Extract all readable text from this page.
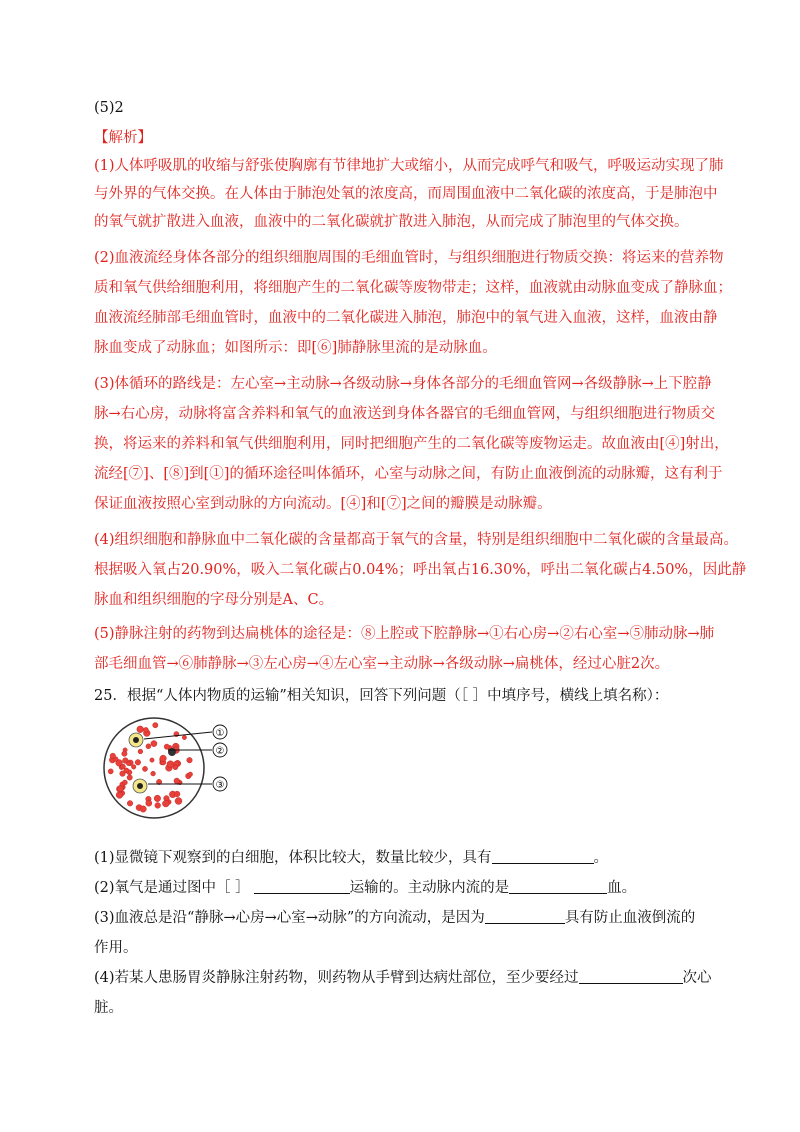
(5)2
【解析】
(1)人体呼吸肌的收缩与舒张使胸廓有节律地扩大或缩小，从而完成呼气和吸气，呼吸运动实现了肺
与外界的气体交换。在人体由于肺泡处氧的浓度高，而周围血液中二氧化碳的浓度高，于是肺泡中
的氧气就扩散进入血液，血液中的二氧化碳就扩散进入肺泡，从而完成了肺泡里的气体交换。
(2)血液流经身体各部分的组织细胞周围的毛细血管时，与组织细胞进行物质交换：将运来的营养物
质和氧气供给细胞利用，将细胞产生的二氧化碳等废物带走；这样，血液就由动脉血变成了静脉血；
血液流经肺部毛细血管时，血液中的二氧化碳进入肺泡，肺泡中的氧气进入血液，这样，血液由静
脉血变成了动脉血；如图所示：即[⑥]肺静脉里流的是动脉血。
(3)体循环的路线是：左心室→主动脉→各级动脉→身体各部分的毛细血管网→各级静脉→上下腔静
脉→右心房，动脉将富含养料和氧气的血液送到身体各器官的毛细血管网，与组织细胞进行物质交
换，将运来的养料和氧气供细胞利用，同时把细胞产生的二氧化碳等废物运走。故血液由[④]射出，
流经[⑦]、[⑧]到[①]的循环途径叫体循环，心室与动脉之间，有防止血液倒流的动脉瓣，这有利于
保证血液按照心室到动脉的方向流动。[④]和[⑦]之间的瓣膜是动脉瓣。
(4)组织细胞和静脉血中二氧化碳的含量都高于氧气的含量，特别是组织细胞中二氧化碳的含量最高。
根据吸入氧占20.90%，吸入二氧化碳占0.04%；呼出氧占16.30%，呼出二氧化碳占4.50%，因此静
脉血和组织细胞的字母分别是A、C。
(5)静脉注射的药物到达扁桃体的途径是：⑧上腔或下腔静脉→①右心房→②右心室→⑤肺动脉→肺
部毛细血管→⑥肺静脉→③左心房→④左心室→主动脉→各级动脉→扁桃体，经过心脏2次。
25．根据“人体内物质的运输”相关知识，回答下列问题（［ ］中填序号，横线上填名称）：
①
②
③
(1)显微镜下观察到的白细胞，体积比较大，数量比较少，具有	。
(2)氧气是通过图中［ ］	运输的。主动脉内流的是	血。
(3)血液总是沿“静脉→心房→心室→动脉”的方向流动，是因为	具有防止血液倒流的
作用。
(4)若某人患肠胃炎静脉注射药物，则药物从手臂到达病灶部位，至少要经过	次心
脏。
